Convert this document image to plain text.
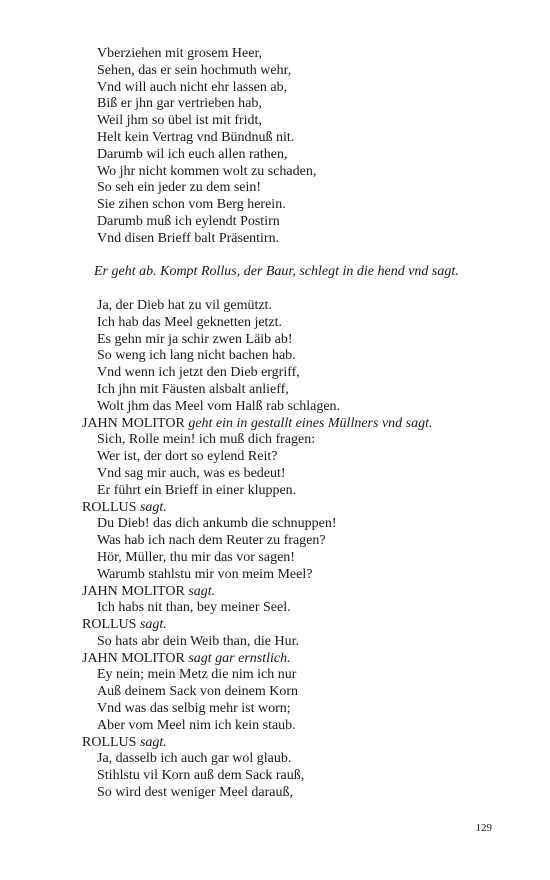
Vberziehen mit grosem Heer,
Sehen, das er sein hochmuth wehr,
Vnd will auch nicht ehr lassen ab,
Biß er jhn gar vertrieben hab,
Weil jhm so übel ist mit fridt,
Helt kein Vertrag vnd Bündnuß nit.
Darumb wil ich euch allen rathen,
Wo jhr nicht kommen wolt zu schaden,
So seh ein jeder zu dem sein!
Sie zihen schon vom Berg herein.
Darumb muß ich eylendt Postirn
Vnd disen Brieff balt Präsentirn.
Er geht ab. Kompt Rollus, der Baur, schlegt in die hend vnd sagt.
Ja, der Dieb hat zu vil gemützt.
Ich hab das Meel geknetten jetzt.
Es gehn mir ja schir zwen Läib ab!
So weng ich lang nicht bachen hab.
Vnd wenn ich jetzt den Dieb ergriff,
Ich jhn mit Fäusten alsbalt anlieff,
Wolt jhm das Meel vom Halß rab schlagen.
JAHN MOLITOR geht ein in gestallt eines Müllners vnd sagt.
Sich, Rolle mein! ich muß dich fragen:
Wer ist, der dort so eylend Reit?
Vnd sag mir auch, was es bedeut!
Er führt ein Brieff in einer kluppen.
ROLLUS sagt.
Du Dieb! das dich ankumb die schnuppen!
Was hab ich nach dem Reuter zu fragen?
Hör, Müller, thu mir das vor sagen!
Warumb stahlstu mir von meim Meel?
JAHN MOLITOR sagt.
Ich habs nit than, bey meiner Seel.
ROLLUS sagt.
So hats abr dein Weib than, die Hur.
JAHN MOLITOR sagt gar ernstlich.
Ey nein; mein Metz die nim ich nur
Auß deinem Sack von deinem Korn
Vnd was das selbig mehr ist worn;
Aber vom Meel nim ich kein staub.
ROLLUS sagt.
Ja, dasselb ich auch gar wol glaub.
Stihlstu vil Korn auß dem Sack rauß,
So wird dest weniger Meel darauß,
129
